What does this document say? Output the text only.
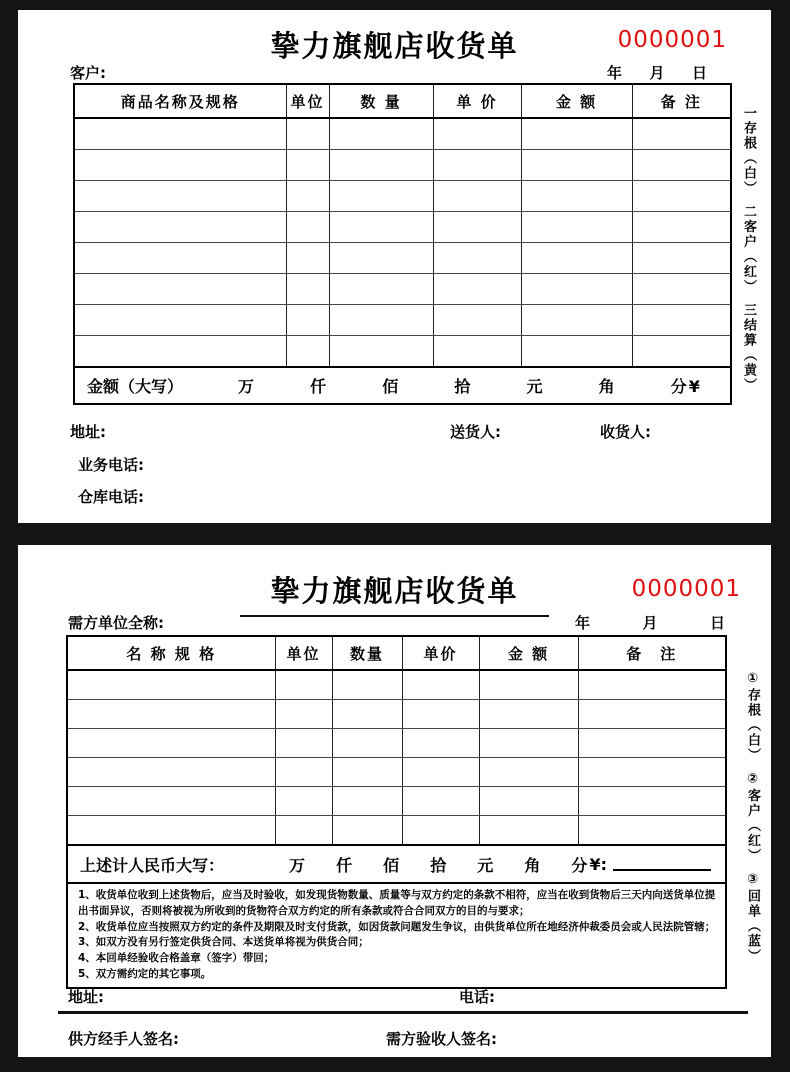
挚力旗舰店收货单	0000001
客户:	年 月 日
商品名称及规格	单位	数 量	单 价	金 额	备 注

金额（大写）	万	仟	佰	拾	元	角	分 ¥	一存根（白）　二客户（红）　三结算（黄）
地址:	送货人:	收货人:
业务电话:
仓库电话:
挚力旗舰店收货单	0000001
需方单位全称:	年	月	日
名 称 规 格	单位	数量	单价	金 额	备　注

上述计人民币大写：	万 仟 佰 拾 元 角 分 ¥:
1、收货单位收到上述货物后，应当及时验收，如发现货物数量、质量等与双方约定的条款不相符，应当在收到货物后三天内向送货单位提出书面异议，否则将被视为所收到的货物符合双方约定的所有条款或符合合同双方的目的与要求；
2、收货单位应当按照双方约定的条件及期限及时支付货款，如因货款问题发生争议，由供货单位所在地经济仲裁委员会或人民法院管辖；
3、如双方没有另行签定供货合同、本送货单将视为供货合同；
4、本回单经验收合格盖章（签字）带回；
5、双方需约定的其它事项。
①存根（白）　②客户（红）　③回单（蓝）
地址:	电话:
供方经手人签名:	需方验收人签名:
